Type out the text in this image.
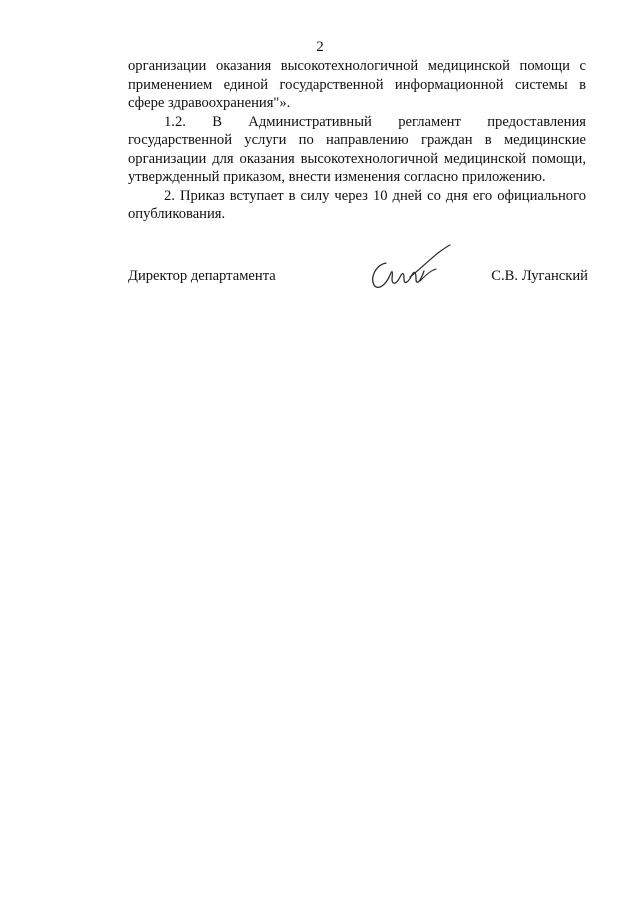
2

организации оказания высокотехнологичной медицинской помощи с применением единой государственной информационной системы в сфере здравоохранения"».

1.2. В Административный регламент предоставления государственной услуги по направлению граждан в медицинские организации для оказания высокотехнологичной медицинской помощи, утвержденный приказом, внести изменения согласно приложению.

2. Приказ вступает в силу через 10 дней со дня его официального опубликования.

Директор департамента	С.В. Луганский
